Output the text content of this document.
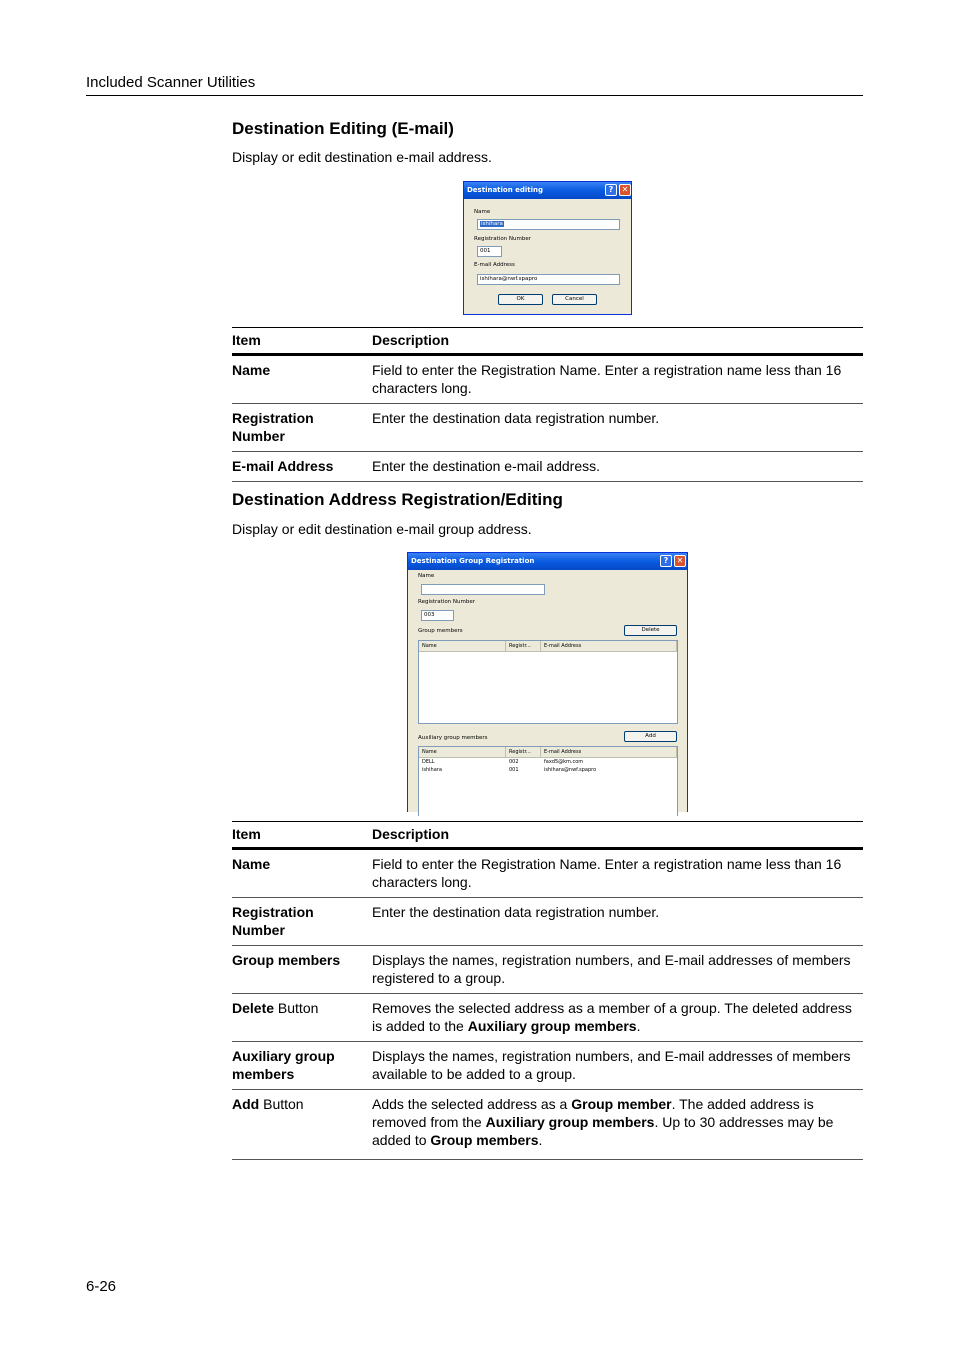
Included Scanner Utilities
Destination Editing (E-mail)
Display or edit destination e-mail address.
Destination editing	?	✕
Name
ishihara
Registration Number
001
E-mail Address
ishihara@nwf.spapro
OK	Cancel
Item	Description
Name	Field to enter the Registration Name. Enter a registration name less than 16 characters long.
Registration Number	Enter the destination data registration number.
E-mail Address	Enter the destination e-mail address.
Destination Address Registration/Editing
Display or edit destination e-mail group address.
Destination Group Registration	?	✕
Name
Registration Number
003
Group members	Delete
Name	Registr...	E-mail Address
Auxiliary group members	Add
Name	Registr...	E-mail Address
DELL	002	faxd5@km.com
ishihara	001	ishihara@nwf.spapro
Item	Description
Name	Field to enter the Registration Name. Enter a registration name less than 16 characters long.
Registration Number	Enter the destination data registration number.
Group members	Displays the names, registration numbers, and E-mail addresses of members registered to a group.
Delete Button	Removes the selected address as a member of a group. The deleted address is added to the Auxiliary group members.
Auxiliary group members	Displays the names, registration numbers, and E-mail addresses of members available to be added to a group.
Add Button	Adds the selected address as a Group member. The added address is removed from the Auxiliary group members. Up to 30 addresses may be added to Group members.
6-26
